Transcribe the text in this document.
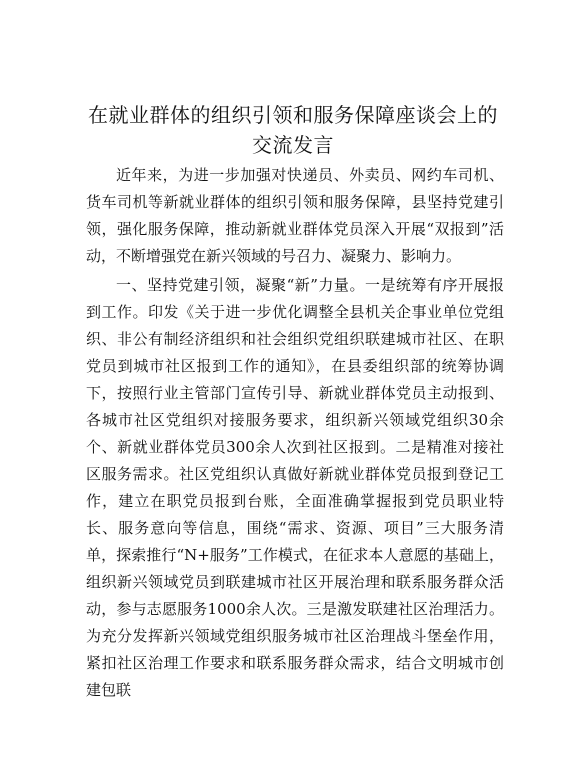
在就业群体的组织引领和服务保障座谈会上的
交流发言

近年来，为进一步加强对快递员、外卖员、网约车司机、货车司机等新就业群体的组织引领和服务保障，县坚持党建引领，强化服务保障，推动新就业群体党员深入开展“双报到”活动，不断增强党在新兴领域的号召力、凝聚力、影响力。

一、坚持党建引领，凝聚“新”力量。一是统筹有序开展报到工作。印发《关于进一步优化调整全县机关企事业单位党组织、非公有制经济组织和社会组织党组织联建城市社区、在职党员到城市社区报到工作的通知》，在县委组织部的统筹协调下，按照行业主管部门宣传引导、新就业群体党员主动报到、各城市社区党组织对接服务要求，组织新兴领域党组织30余个、新就业群体党员300余人次到社区报到。二是精准对接社区服务需求。社区党组织认真做好新就业群体党员报到登记工作，建立在职党员报到台账，全面准确掌握报到党员职业特长、服务意向等信息，围绕“需求、资源、项目”三大服务清单，探索推行“N+服务”工作模式，在征求本人意愿的基础上，组织新兴领域党员到联建城市社区开展治理和联系服务群众活动，参与志愿服务1000余人次。三是激发联建社区治理活力。为充分发挥新兴领域党组织服务城市社区治理战斗堡垒作用，紧扣社区治理工作要求和联系服务群众需求，结合文明城市创建包联
